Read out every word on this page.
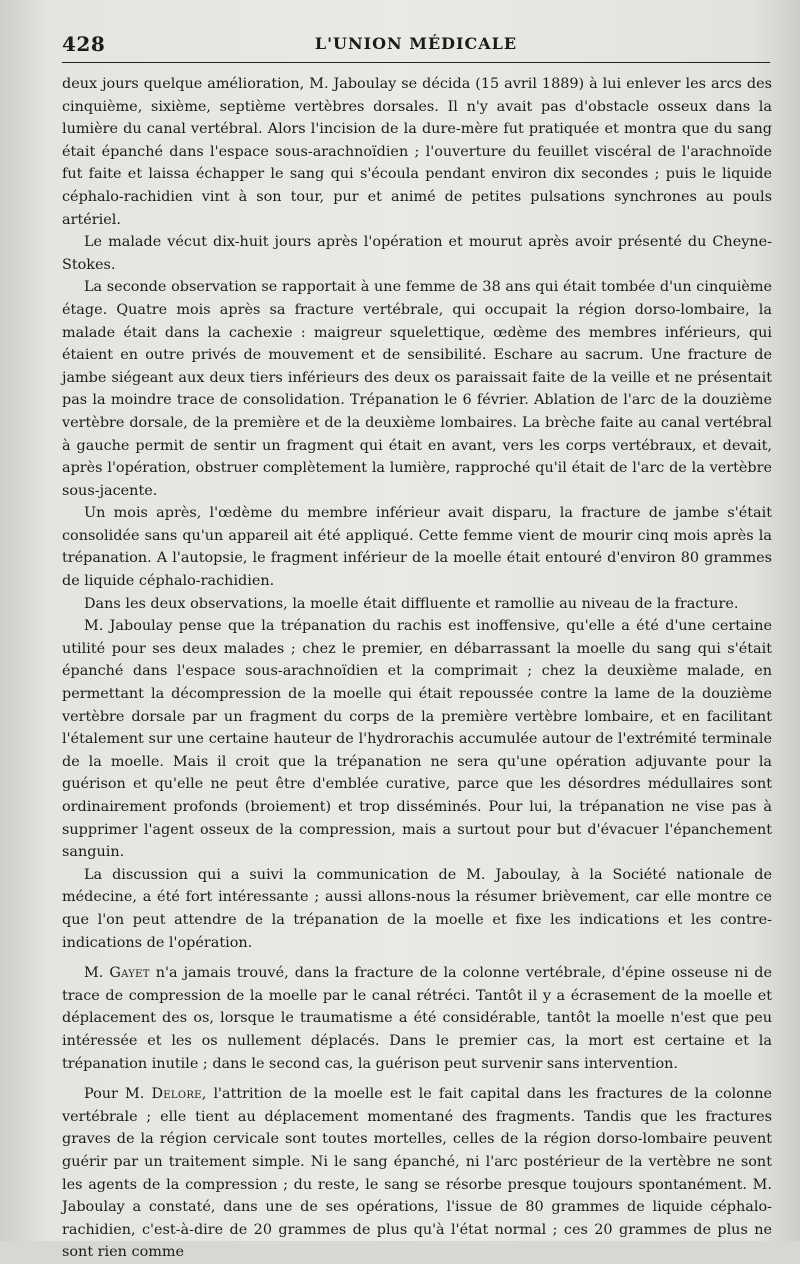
428	L'UNION MÉDICALE

deux jours quelque amélioration, M. Jaboulay se décida (15 avril 1889) à lui enlever les arcs des cinquième, sixième, septième vertèbres dorsales. Il n'y avait pas d'obstacle osseux dans la lumière du canal vertébral. Alors l'incision de la dure-mère fut pratiquée et montra que du sang était épanché dans l'espace sous-arachnoïdien ; l'ouverture du feuillet viscéral de l'arachnoïde fut faite et laissa échapper le sang qui s'écoula pendant environ dix secondes ; puis le liquide céphalo-rachidien vint à son tour, pur et animé de petites pulsations synchrones au pouls artériel.

Le malade vécut dix-huit jours après l'opération et mourut après avoir présenté du Cheyne-Stokes.

La seconde observation se rapportait à une femme de 38 ans qui était tombée d'un cinquième étage. Quatre mois après sa fracture vertébrale, qui occupait la région dorso-lombaire, la malade était dans la cachexie : maigreur squelettique, œdème des membres inférieurs, qui étaient en outre privés de mouvement et de sensibilité. Eschare au sacrum. Une fracture de jambe siégeant aux deux tiers inférieurs des deux os paraissait faite de la veille et ne présentait pas la moindre trace de consolidation. Trépanation le 6 février. Ablation de l'arc de la douzième vertèbre dorsale, de la première et de la deuxième lombaires. La brèche faite au canal vertébral à gauche permit de sentir un fragment qui était en avant, vers les corps vertébraux, et devait, après l'opération, obstruer complètement la lumière, rapproché qu'il était de l'arc de la vertèbre sous-jacente.

Un mois après, l'œdème du membre inférieur avait disparu, la fracture de jambe s'était consolidée sans qu'un appareil ait été appliqué. Cette femme vient de mourir cinq mois après la trépanation. A l'autopsie, le fragment inférieur de la moelle était entouré d'environ 80 grammes de liquide céphalo-rachidien.

Dans les deux observations, la moelle était diffluente et ramollie au niveau de la fracture.

M. Jaboulay pense que la trépanation du rachis est inoffensive, qu'elle a été d'une certaine utilité pour ses deux malades ; chez le premier, en débarrassant la moelle du sang qui s'était épanché dans l'espace sous-arachnoïdien et la comprimait ; chez la deuxième malade, en permettant la décompression de la moelle qui était repoussée contre la lame de la douzième vertèbre dorsale par un fragment du corps de la première vertèbre lombaire, et en facilitant l'étalement sur une certaine hauteur de l'hydrorachis accumulée autour de l'extrémité terminale de la moelle. Mais il croit que la trépanation ne sera qu'une opération adjuvante pour la guérison et qu'elle ne peut être d'emblée curative, parce que les désordres médullaires sont ordinairement profonds (broiement) et trop disséminés. Pour lui, la trépanation ne vise pas à supprimer l'agent osseux de la compression, mais a surtout pour but d'évacuer l'épanchement sanguin.

La discussion qui a suivi la communication de M. Jaboulay, à la Société nationale de médecine, a été fort intéressante ; aussi allons-nous la résumer brièvement, car elle montre ce que l'on peut attendre de la trépanation de la moelle et fixe les indications et les contre-indications de l'opération.

M. Gayet n'a jamais trouvé, dans la fracture de la colonne vertébrale, d'épine osseuse ni de trace de compression de la moelle par le canal rétréci. Tantôt il y a écrasement de la moelle et déplacement des os, lorsque le traumatisme a été considérable, tantôt la moelle n'est que peu intéressée et les os nullement déplacés. Dans le premier cas, la mort est certaine et la trépanation inutile ; dans le second cas, la guérison peut survenir sans intervention.

Pour M. Delore, l'attrition de la moelle est le fait capital dans les fractures de la colonne vertébrale ; elle tient au déplacement momentané des fragments. Tandis que les fractures graves de la région cervicale sont toutes mortelles, celles de la région dorso-lombaire peuvent guérir par un traitement simple. Ni le sang épanché, ni l'arc postérieur de la vertèbre ne sont les agents de la compression ; du reste, le sang se résorbe presque toujours spontanément. M. Jaboulay a constaté, dans une de ses opérations, l'issue de 80 grammes de liquide céphalo-rachidien, c'est-à-dire de 20 grammes de plus qu'à l'état normal ; ces 20 grammes de plus ne sont rien comme
